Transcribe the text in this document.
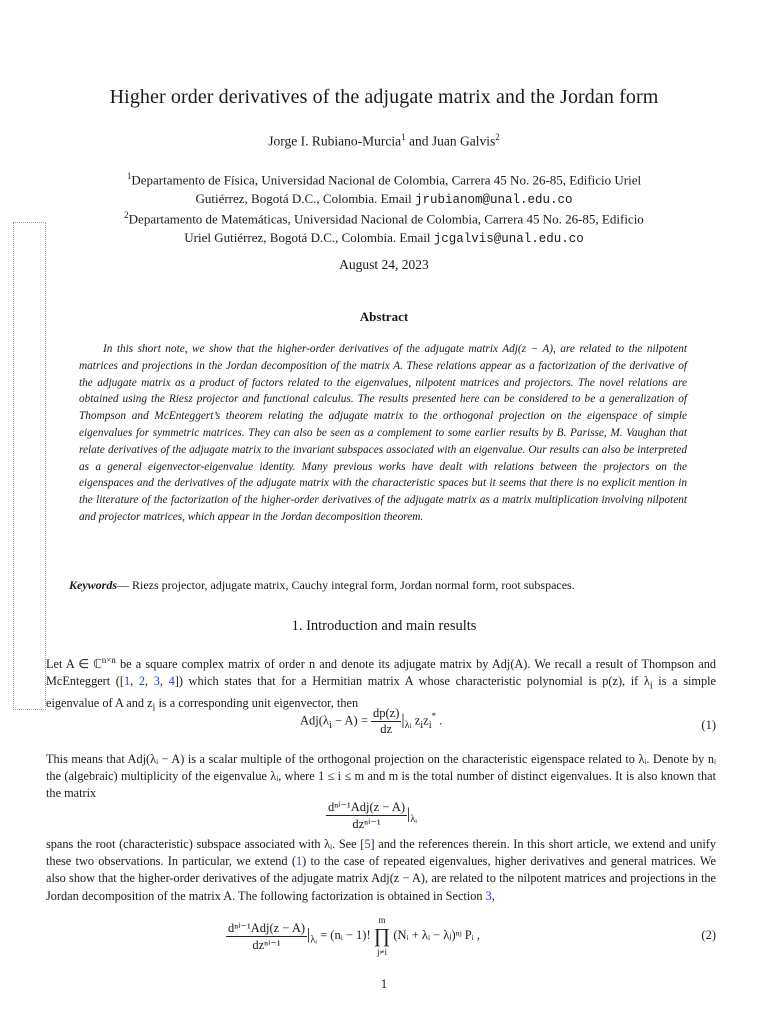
Higher order derivatives of the adjugate matrix and the Jordan form
Jorge I. Rubiano-Murcia$^1$ and Juan Galvis$^2$
$^1$Departamento de Física, Universidad Nacional de Colombia, Carrera 45 No. 26-85, Edificio Uriel
Gutiérrez, Bogotá D.C., Colombia. Email jrubianom@unal.edu.co
$^2$Departamento de Matemáticas, Universidad Nacional de Colombia, Carrera 45 No. 26-85, Edificio
Uriel Gutiérrez, Bogotá D.C., Colombia. Email jcgalvis@unal.edu.co
August 24, 2023
Abstract
In this short note, we show that the higher-order derivatives of the adjugate matrix Adj(z − A), are related to the nilpotent matrices and projections in the Jordan decomposition of the matrix A. These relations appear as a factorization of the derivative of the adjugate matrix as a product of factors related to the eigenvalues, nilpotent matrices and projectors. The novel relations are obtained using the Riesz projector and functional calculus. The results presented here can be considered to be a generalization of Thompson and McEnteggert’s theorem relating the adjugate matrix to the orthogonal projection on the eigenspace of simple eigenvalues for symmetric matrices. They can also be seen as a complement to some earlier results by B. Parisse, M. Vaughan that relate derivatives of the adjugate matrix to the invariant subspaces associated with an eigenvalue. Our results can also be interpreted as a general eigenvector-eigenvalue identity. Many previous works have dealt with relations between the projectors on the eigenspaces and the derivatives of the adjugate matrix with the characteristic spaces but it seems that there is no explicit mention in the literature of the factorization of the higher-order derivatives of the adjugate matrix as a matrix multiplication involving nilpotent and projector matrices, which appear in the Jordan decomposition theorem.
Keywords— Riezs projector, adjugate matrix, Cauchy integral form, Jordan normal form, root subspaces.
1. Introduction and main results
Let A ∈ ℂ$^{n\times n}$ be a square complex matrix of order n and denote its adjugate matrix by Adj(A). We recall a result of Thompson and McEnteggert ([1, 2, 3, 4]) which states that for a Hermitian matrix A whose characteristic polynomial is p(z), if $\lambda_i$ is a simple eigenvalue of A and $z_i$ is a corresponding unit eigenvector, then
$Adj(\lambda_i - A) = \frac{dp(z)}{dz} |_{\lambda i}$ $z_iz_i^*$ .	(1)
This means that Adj(λᵢ − A) is a scalar multiple of the orthogonal projection on the characteristic eigenspace related to λᵢ. Denote by nᵢ the (algebraic) multiplicity of the eigenvalue λᵢ, where 1 ≤ i ≤ m and m is the total number of distinct eigenvalues. It is also known that the matrix
$\frac{\text{dⁿⁱ⁻¹Adj(z − A)}}{\text{dzⁿⁱ⁻¹}} |_{\lambda ᵢ}$
spans the root (characteristic) subspace associated with λᵢ. See [5] and the references therein. In this short article, we extend and unify these two observations. In particular, we extend (1) to the case of repeated eigenvalues, higher derivatives and general matrices. We also show that the higher-order derivatives of the adjugate matrix Adj(z − A), are related to the nilpotent matrices and projections in the Jordan decomposition of the matrix A. The following factorization is obtained in Section 3,
$\frac{\text{dⁿⁱ⁻¹Adj(z − A)}}{\text{dzⁿⁱ⁻¹}} |_{\lambda ᵢ}$ = (nᵢ − 1)!
m
∏
j≠i
(Nᵢ + λᵢ − λⱼ)ⁿʲ Pᵢ ,	(2)
1
